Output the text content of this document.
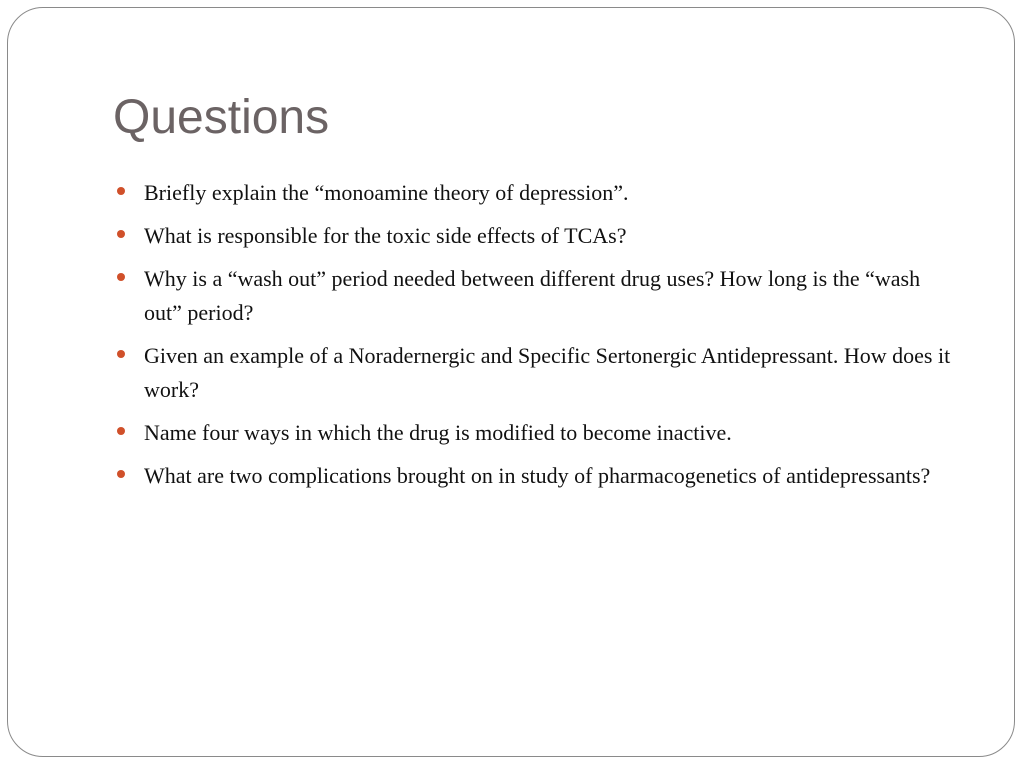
Questions
Briefly explain the “monoamine theory of depression”.
What is responsible for the toxic side effects of TCAs?
Why is a “wash out” period needed between different drug uses? How long is the “wash out” period?
Given an example of a Noradernergic and Specific Sertonergic Antidepressant. How does it work?
Name four ways in which the drug is modified to become inactive.
What are two complications brought on in study of pharmacogenetics of antidepressants?
